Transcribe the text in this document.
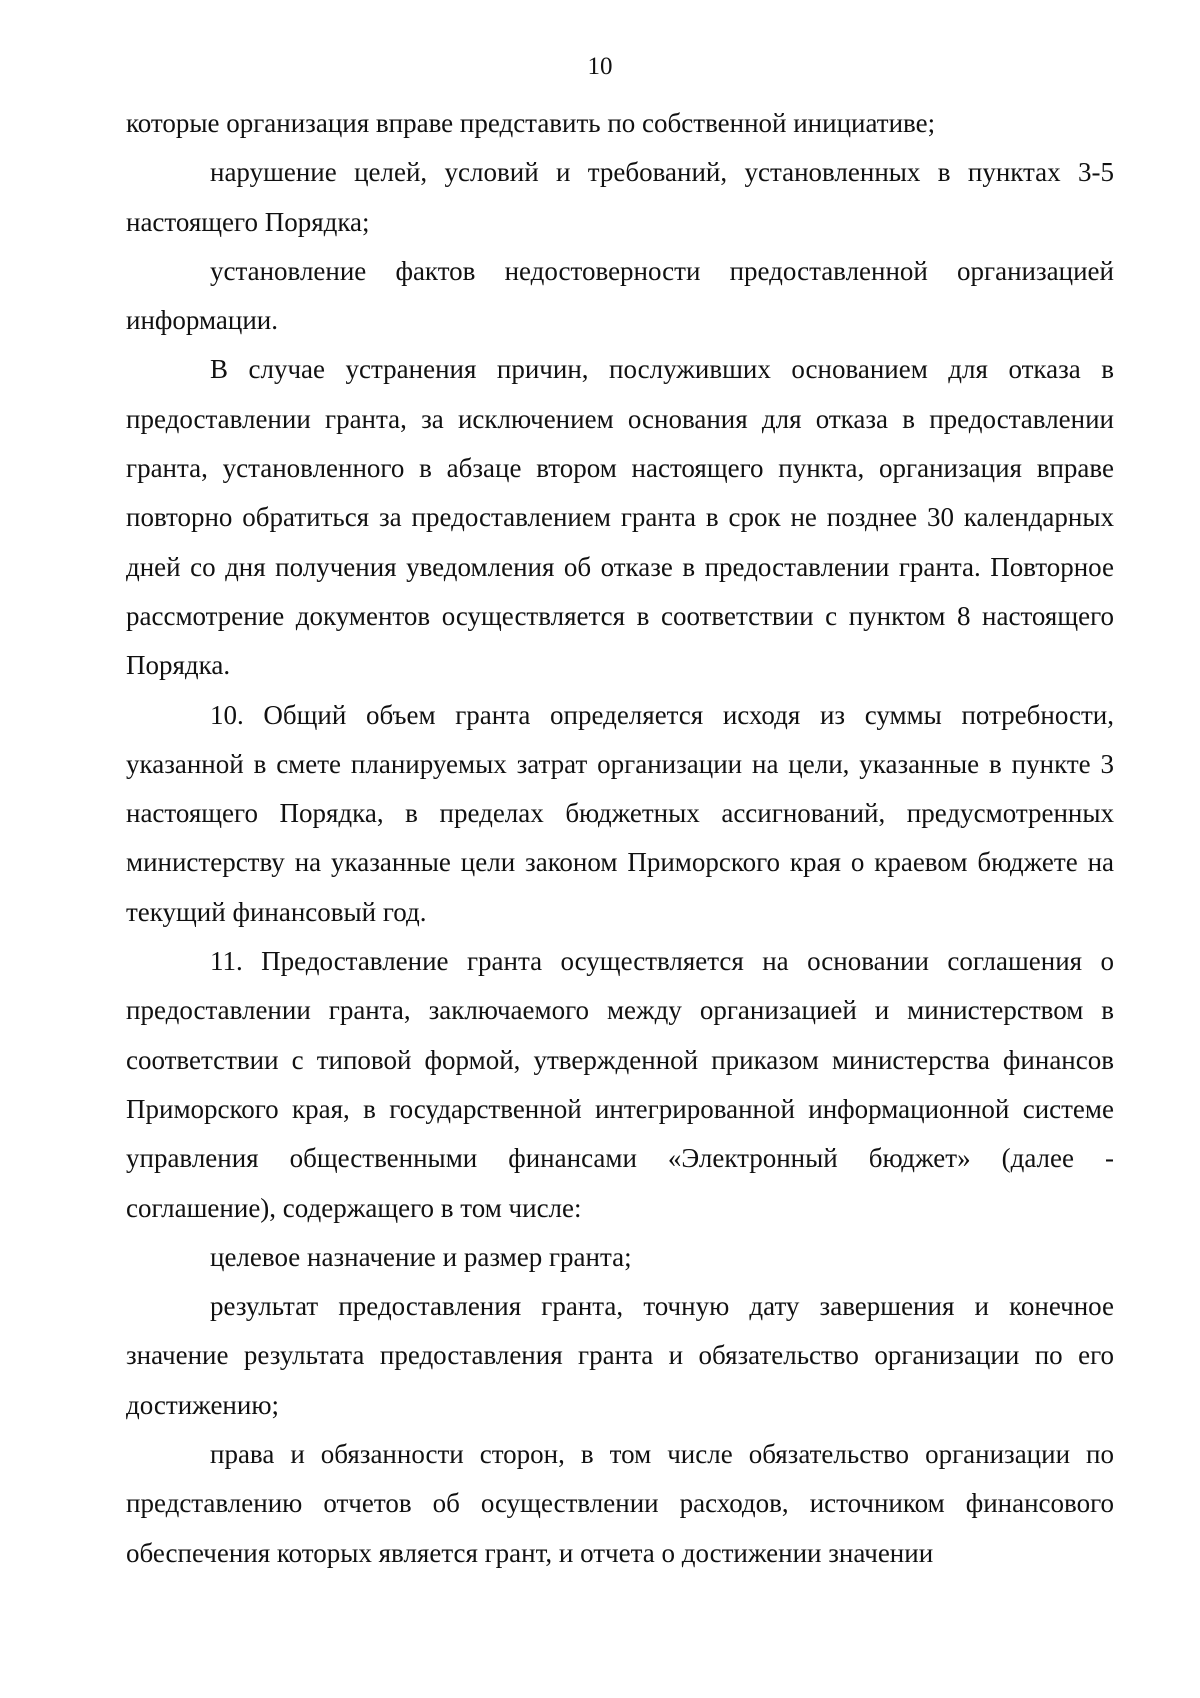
10

которые организация вправе представить по собственной инициативе;

нарушение целей, условий и требований, установленных в пунктах 3-5 настоящего Порядка;

установление фактов недостоверности предоставленной организацией информации.

В случае устранения причин, послуживших основанием для отказа в предоставлении гранта, за исключением основания для отказа в предоставлении гранта, установленного в абзаце втором настоящего пункта, организация вправе повторно обратиться за предоставлением гранта в срок не позднее 30 календарных дней со дня получения уведомления об отказе в предоставлении гранта. Повторное рассмотрение документов осуществляется в соответствии с пунктом 8 настоящего Порядка.

10. Общий объем гранта определяется исходя из суммы потребности, указанной в смете планируемых затрат организации на цели, указанные в пункте 3 настоящего Порядка, в пределах бюджетных ассигнований, предусмотренных министерству на указанные цели законом Приморского края о краевом бюджете на текущий финансовый год.

11. Предоставление гранта осуществляется на основании соглашения о предоставлении гранта, заключаемого между организацией и министерством в соответствии с типовой формой, утвержденной приказом министерства финансов Приморского края, в государственной интегрированной информационной системе управления общественными финансами «Электронный бюджет» (далее - соглашение), содержащего в том числе:

целевое назначение и размер гранта;

результат предоставления гранта, точную дату завершения и конечное значение результата предоставления гранта и обязательство организации по его достижению;

права и обязанности сторон, в том числе обязательство организации по представлению отчетов об осуществлении расходов, источником финансового обеспечения которых является грант, и отчета о достижении значении
